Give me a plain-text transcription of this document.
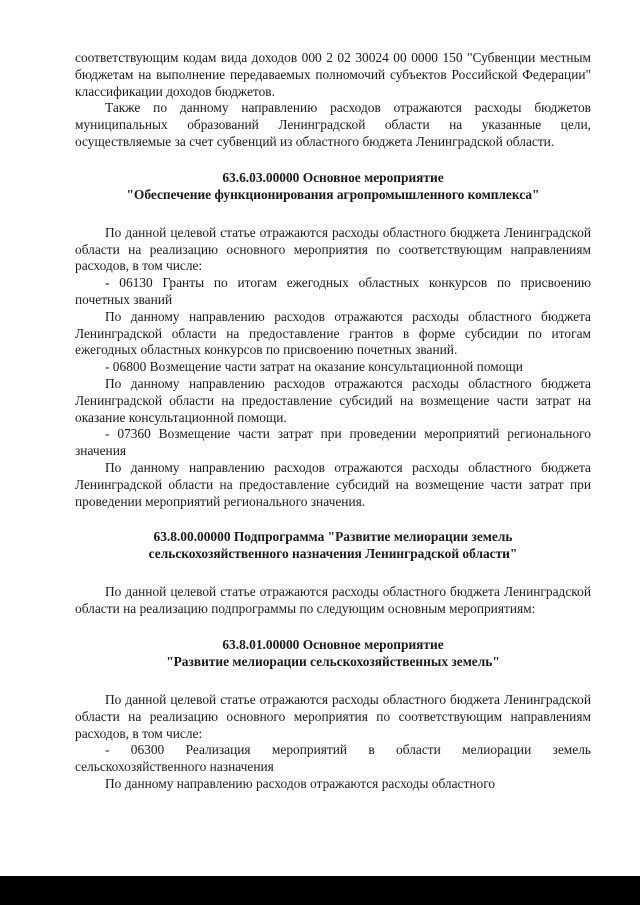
соответствующим кодам вида доходов 000 2 02 30024 00 0000 150 "Субвенции местным бюджетам на выполнение передаваемых полномочий субъектов Российской Федерации" классификации доходов бюджетов.

Также по данному направлению расходов отражаются расходы бюджетов муниципальных образований Ленинградской области на указанные цели, осуществляемые за счет субвенций из областного бюджета Ленинградской области.

63.6.03.00000 Основное мероприятие
"Обеспечение функционирования агропромышленного комплекса"

По данной целевой статье отражаются расходы областного бюджета Ленинградской области на реализацию основного мероприятия по соответствующим направлениям расходов, в том числе:

- 06130 Гранты по итогам ежегодных областных конкурсов по присвоению почетных званий

По данному направлению расходов отражаются расходы областного бюджета Ленинградской области на предоставление грантов в форме субсидии по итогам ежегодных областных конкурсов по присвоению почетных званий.

- 06800 Возмещение части затрат на оказание консультационной помощи

По данному направлению расходов отражаются расходы областного бюджета Ленинградской области на предоставление субсидий на возмещение части затрат на оказание консультационной помощи.

- 07360 Возмещение части затрат при проведении мероприятий регионального значения

По данному направлению расходов отражаются расходы областного бюджета Ленинградской области на предоставление субсидий на возмещение части затрат при проведении мероприятий регионального значения.

63.8.00.00000 Подпрограмма "Развитие мелиорации земель
сельскохозяйственного назначения Ленинградской области"

По данной целевой статье отражаются расходы областного бюджета Ленинградской области на реализацию подпрограммы по следующим основным мероприятиям:

63.8.01.00000 Основное мероприятие
"Развитие мелиорации сельскохозяйственных земель"

По данной целевой статье отражаются расходы областного бюджета Ленинградской области на реализацию основного мероприятия по соответствующим направлениям расходов, в том числе:

- 06300 Реализация мероприятий в области мелиорации земель сельскохозяйственного назначения

По данному направлению расходов отражаются расходы областного
